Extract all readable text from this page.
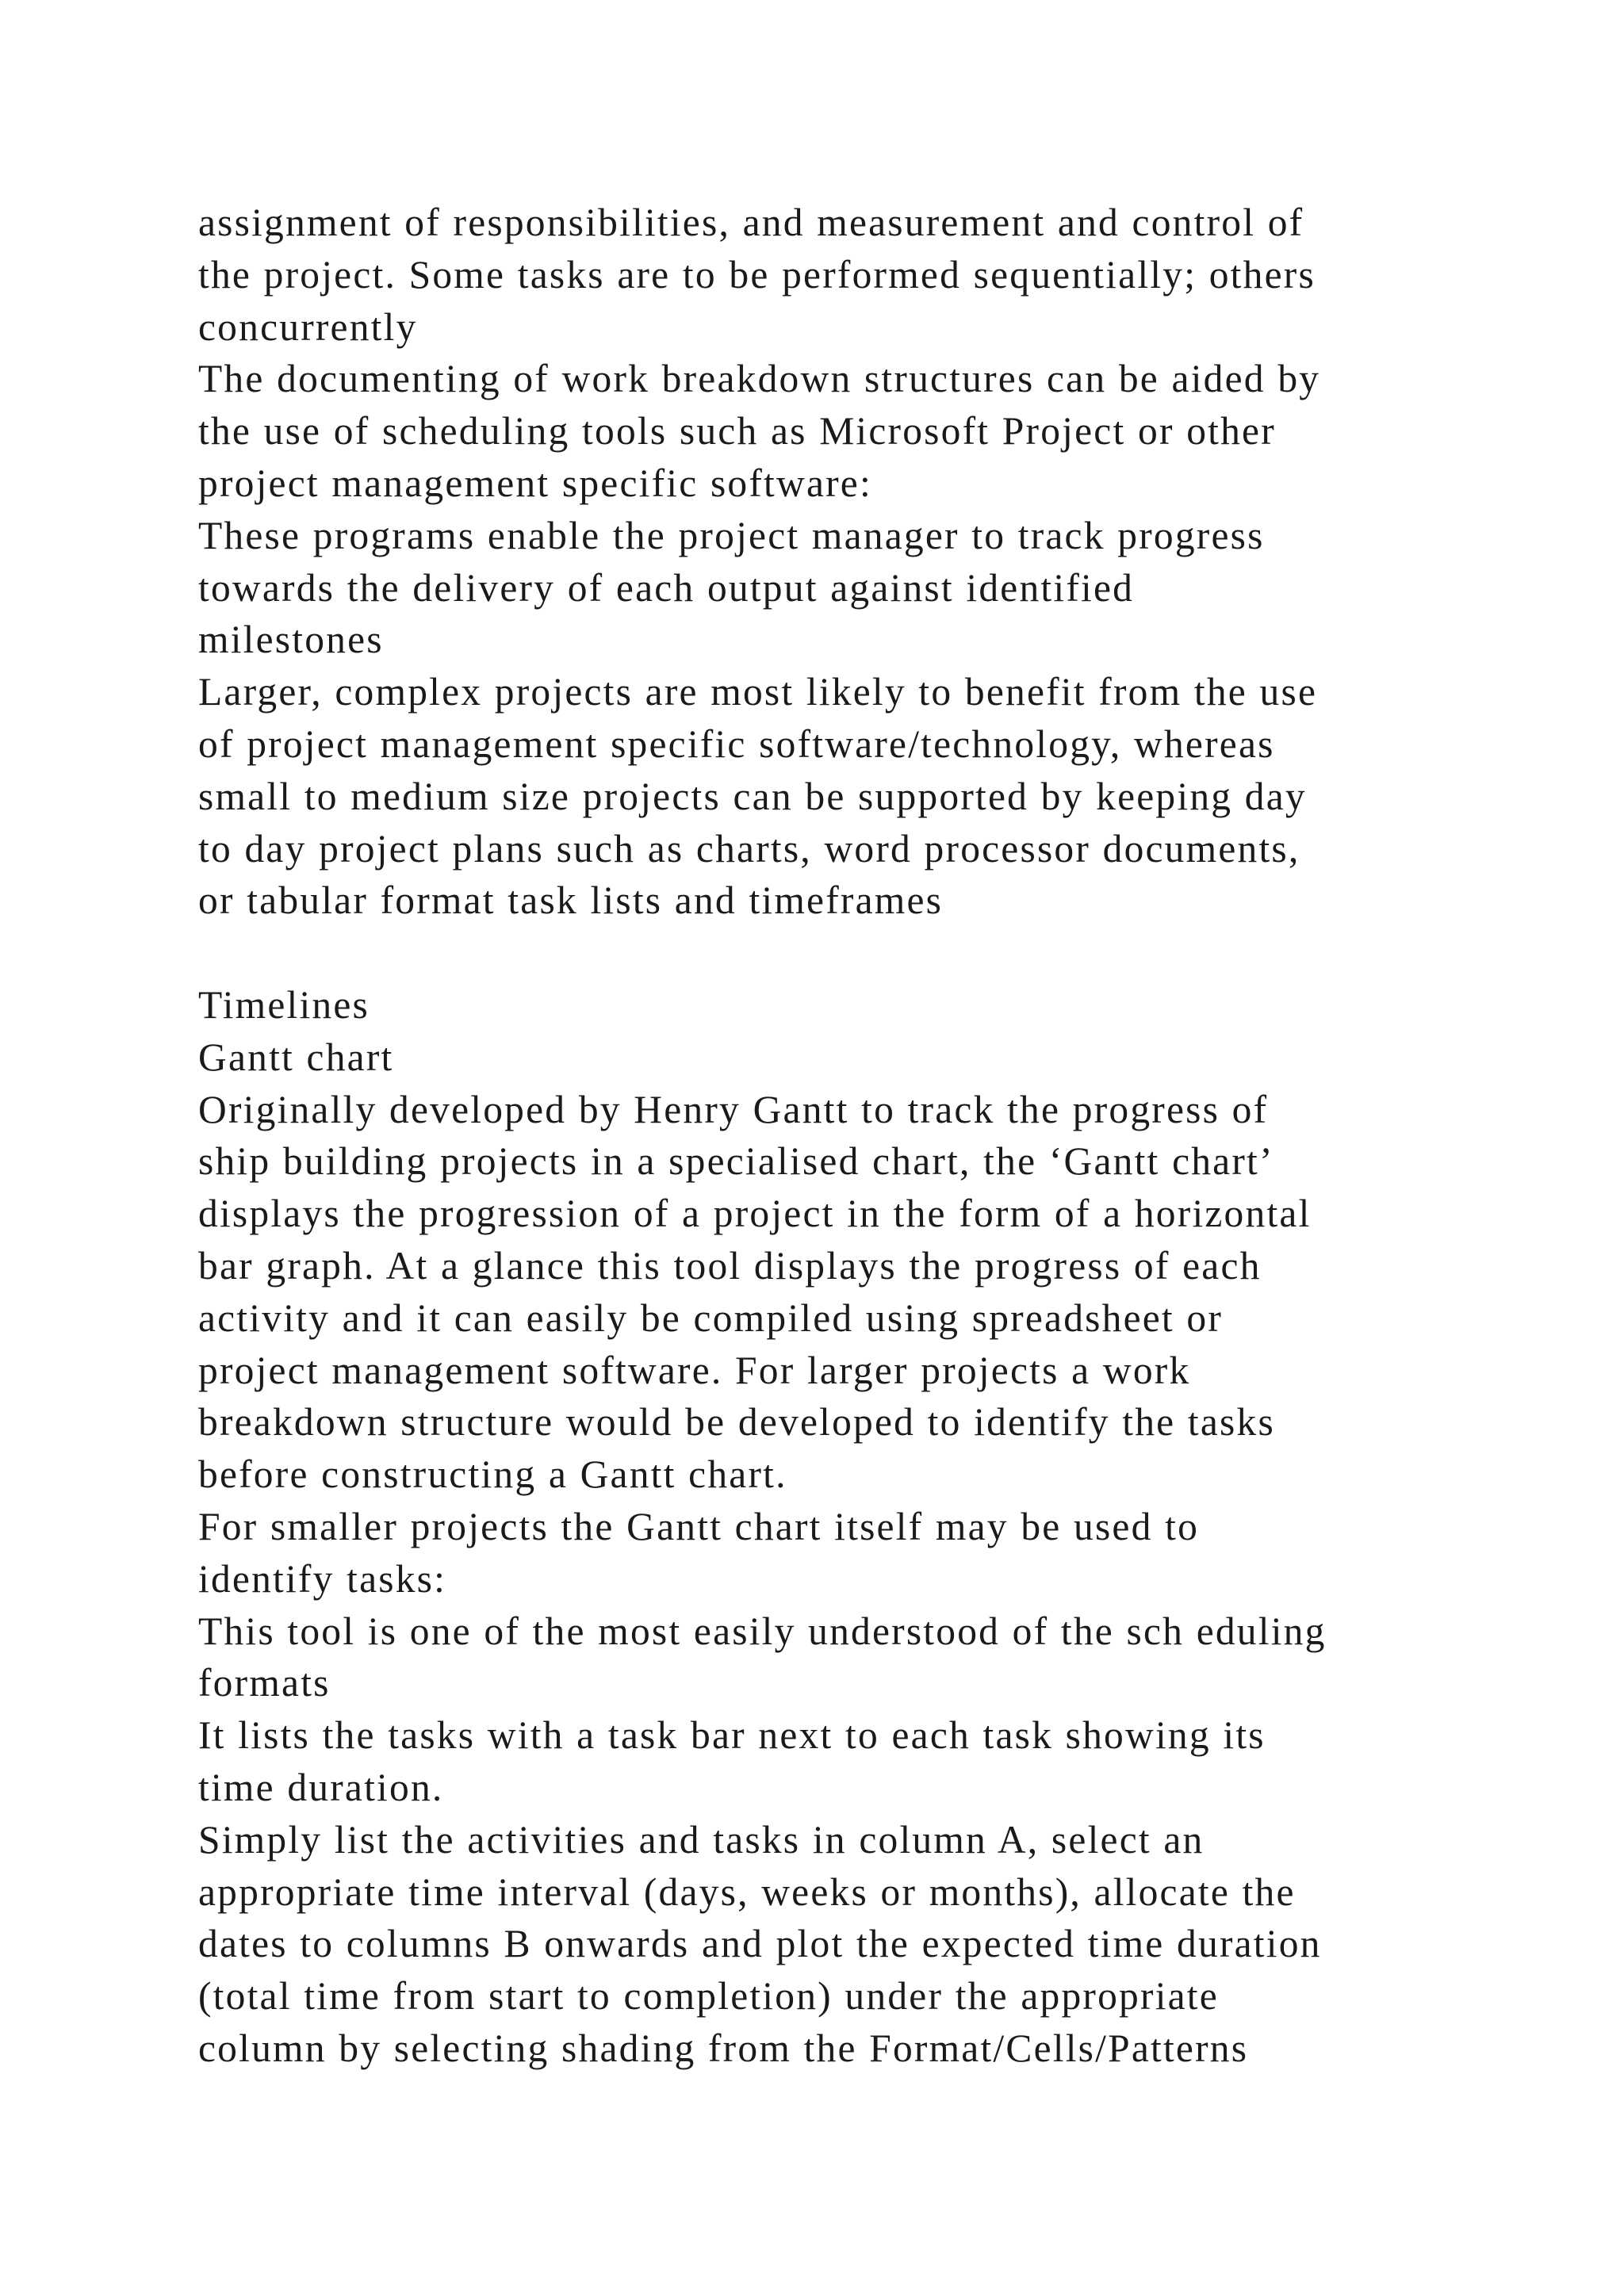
assignment of responsibilities, and measurement and control of
the project. Some tasks are to be performed sequentially; others
concurrently
The documenting of work breakdown structures can be aided by
the use of scheduling tools such as Microsoft Project or other
project management specific software:
These programs enable the project manager to track progress
towards the delivery of each output against identified
milestones
Larger, complex projects are most likely to benefit from the use
of project management specific software/technology, whereas
small to medium size projects can be supported by keeping day
to day project plans such as charts, word processor documents,
or tabular format task lists and timeframes
Timelines
Gantt chart
Originally developed by Henry Gantt to track the progress of
ship building projects in a specialised chart, the ‘Gantt chart’
displays the progression of a project in the form of a horizontal
bar graph. At a glance this tool displays the progress of each
activity and it can easily be compiled using spreadsheet or
project management software. For larger projects a work
breakdown structure would be developed to identify the tasks
before constructing a Gantt chart.
For smaller projects the Gantt chart itself may be used to
identify tasks:
This tool is one of the most easily understood of the sch eduling
formats
It lists the tasks with a task bar next to each task showing its
time duration.
Simply list the activities and tasks in column A, select an
appropriate time interval (days, weeks or months), allocate the
dates to columns B onwards and plot the expected time duration
(total time from start to completion) under the appropriate
column by selecting shading from the Format/Cells/Patterns
